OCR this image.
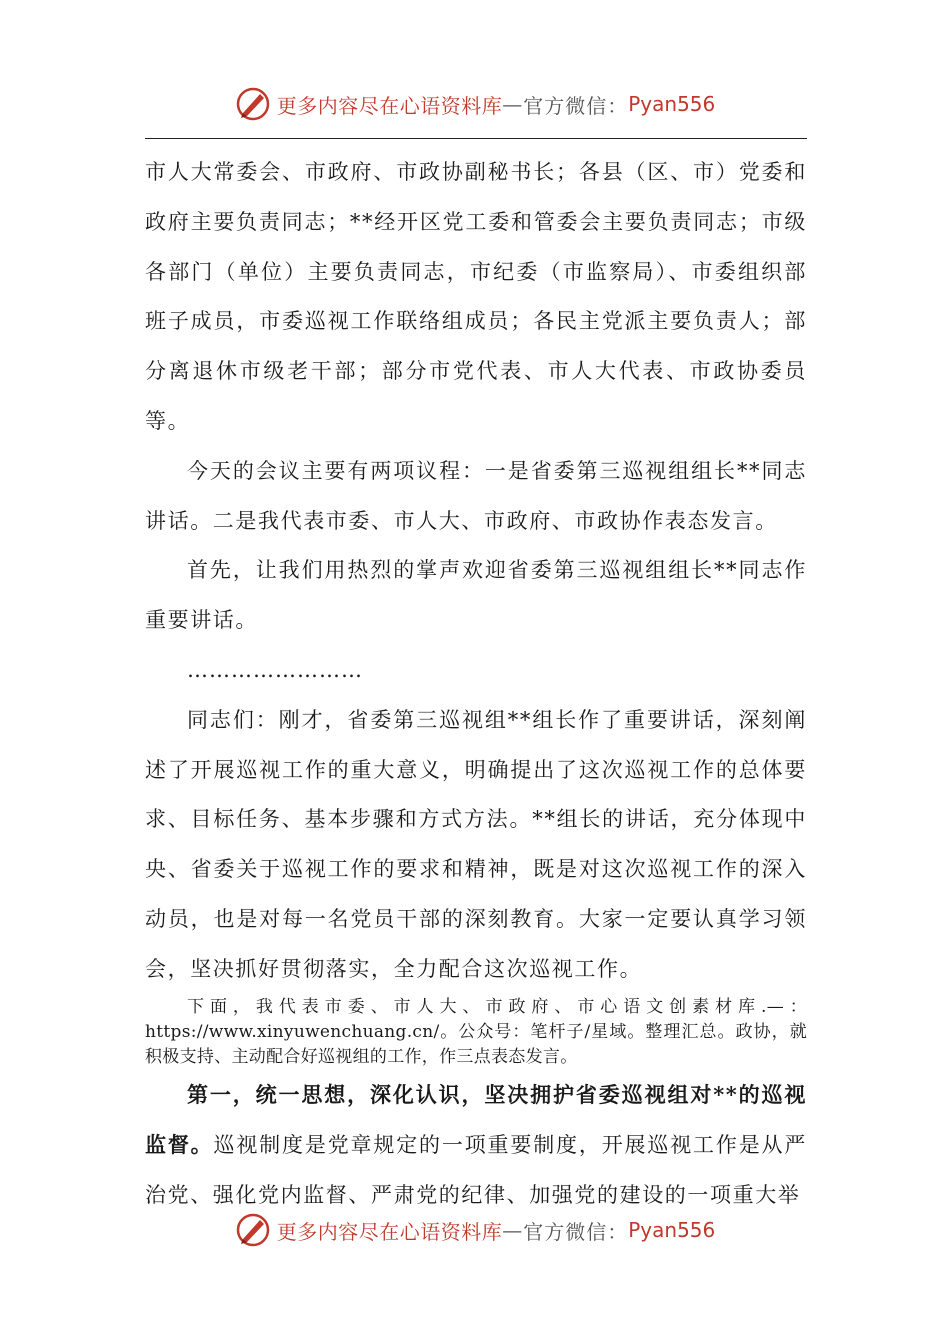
更多内容尽在心语资料库 — 官方微信： Pyan556

市人大常委会、市政府、市政协副秘书长；各县（区、市）党委和政府主要负责同志；**经开区党工委和管委会主要负责同志；市级各部门（单位）主要负责同志，市纪委（市监察局）、市委组织部班子成员，市委巡视工作联络组成员；各民主党派主要负责人；部分离退休市级老干部；部分市党代表、市人大代表、市政协委员等。

今天的会议主要有两项议程：一是省委第三巡视组组长**同志讲话。二是我代表市委、市人大、市政府、市政协作表态发言。

首先，让我们用热烈的掌声欢迎省委第三巡视组组长**同志作重要讲话。

……………………

同志们：刚才，省委第三巡视组**组长作了重要讲话，深刻阐述了开展巡视工作的重大意义，明确提出了这次巡视工作的总体要求、目标任务、基本步骤和方式方法。**组长的讲话，充分体现中央、省委关于巡视工作的要求和精神，既是对这次巡视工作的深入动员，也是对每一名党员干部的深刻教育。大家一定要认真学习领会，坚决抓好贯彻落实，全力配合这次巡视工作。

下面，我代表市委、市人大、市政府、市心语文创素材库.—：https://www.xinyuwenchuang.cn/。公众号：笔杆子/星域。整理汇总。政协，就积极支持、主动配合好巡视组的工作，作三点表态发言。

第一，统一思想，深化认识，坚决拥护省委巡视组对**的巡视监督。巡视制度是党章规定的一项重要制度，开展巡视工作是从严治党、强化党内监督、严肃党的纪律、加强党的建设的一项重大举

更多内容尽在心语资料库 — 官方微信： Pyan556
